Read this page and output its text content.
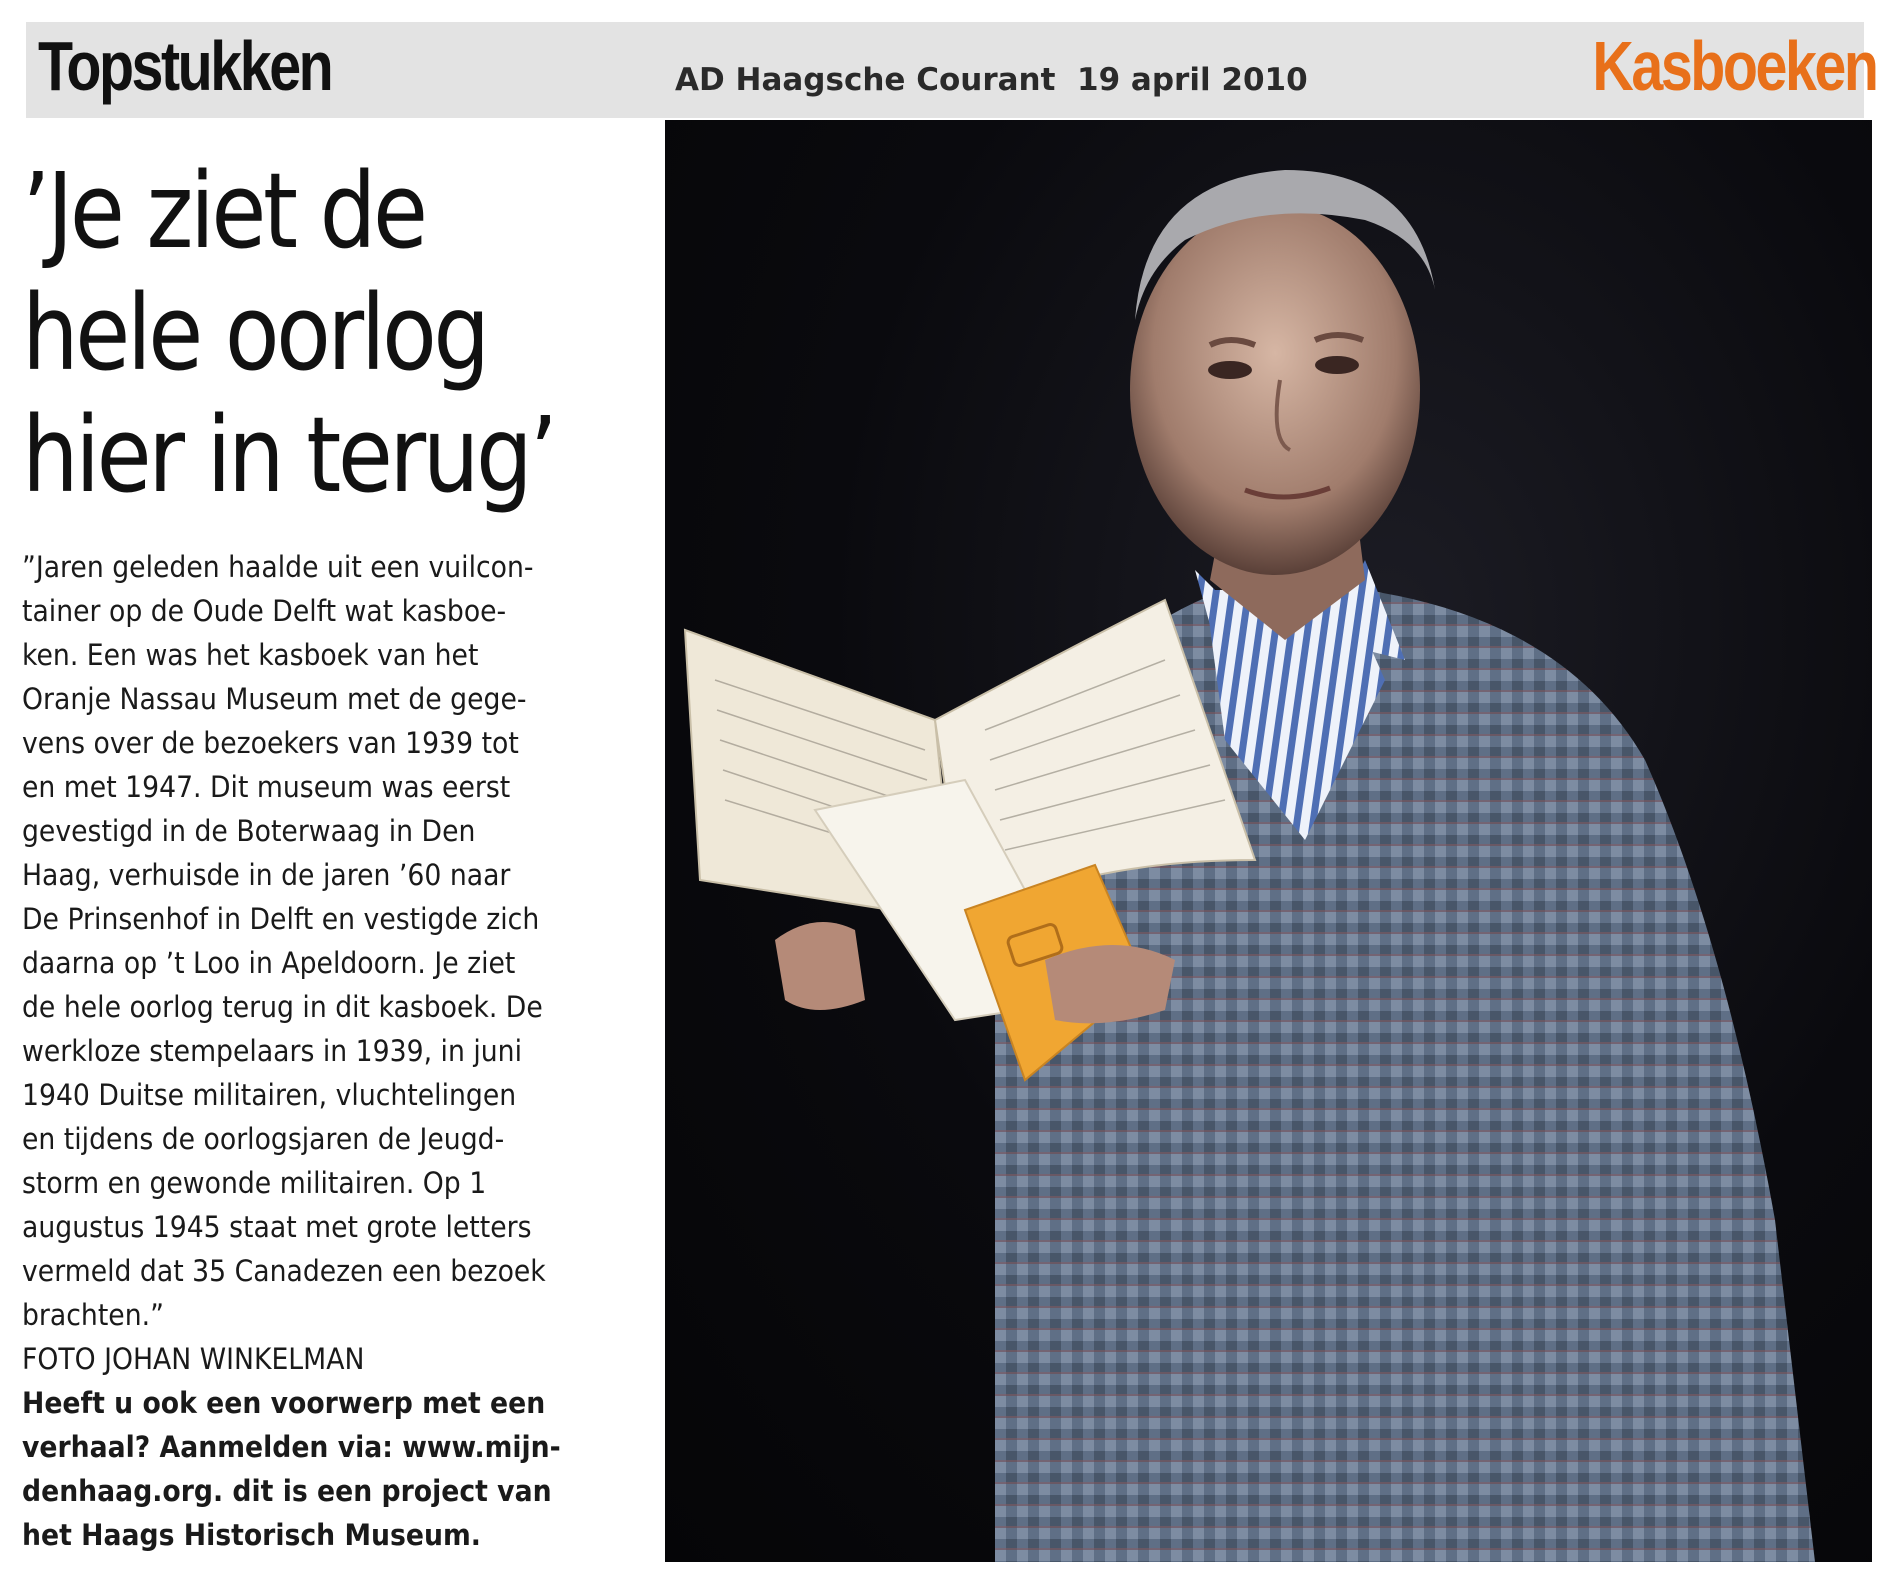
Topstukken	AD Haagsche Courant  19 april 2010	Kasboeken
’Je ziet de
hele oorlog
hier in terug’
”Jaren geleden haalde uit een vuilcon-
tainer op de Oude Delft wat kasboe-
ken. Een was het kasboek van het
Oranje Nassau Museum met de gege-
vens over de bezoekers van 1939 tot
en met 1947. Dit museum was eerst
gevestigd in de Boterwaag in Den
Haag, verhuisde in de jaren ’60 naar
De Prinsenhof in Delft en vestigde zich
daarna op ’t Loo in Apeldoorn. Je ziet
de hele oorlog terug in dit kasboek. De
werkloze stempelaars in 1939, in juni
1940 Duitse militairen, vluchtelingen
en tijdens de oorlogsjaren de Jeugd-
storm en gewonde militairen. Op 1
augustus 1945 staat met grote letters
vermeld dat 35 Canadezen een bezoek
brachten.”
FOTO JOHAN WINKELMAN
Heeft u ook een voorwerp met een
verhaal? Aanmelden via: www.mijn-
denhaag.org. dit is een project van
het Haags Historisch Museum.
